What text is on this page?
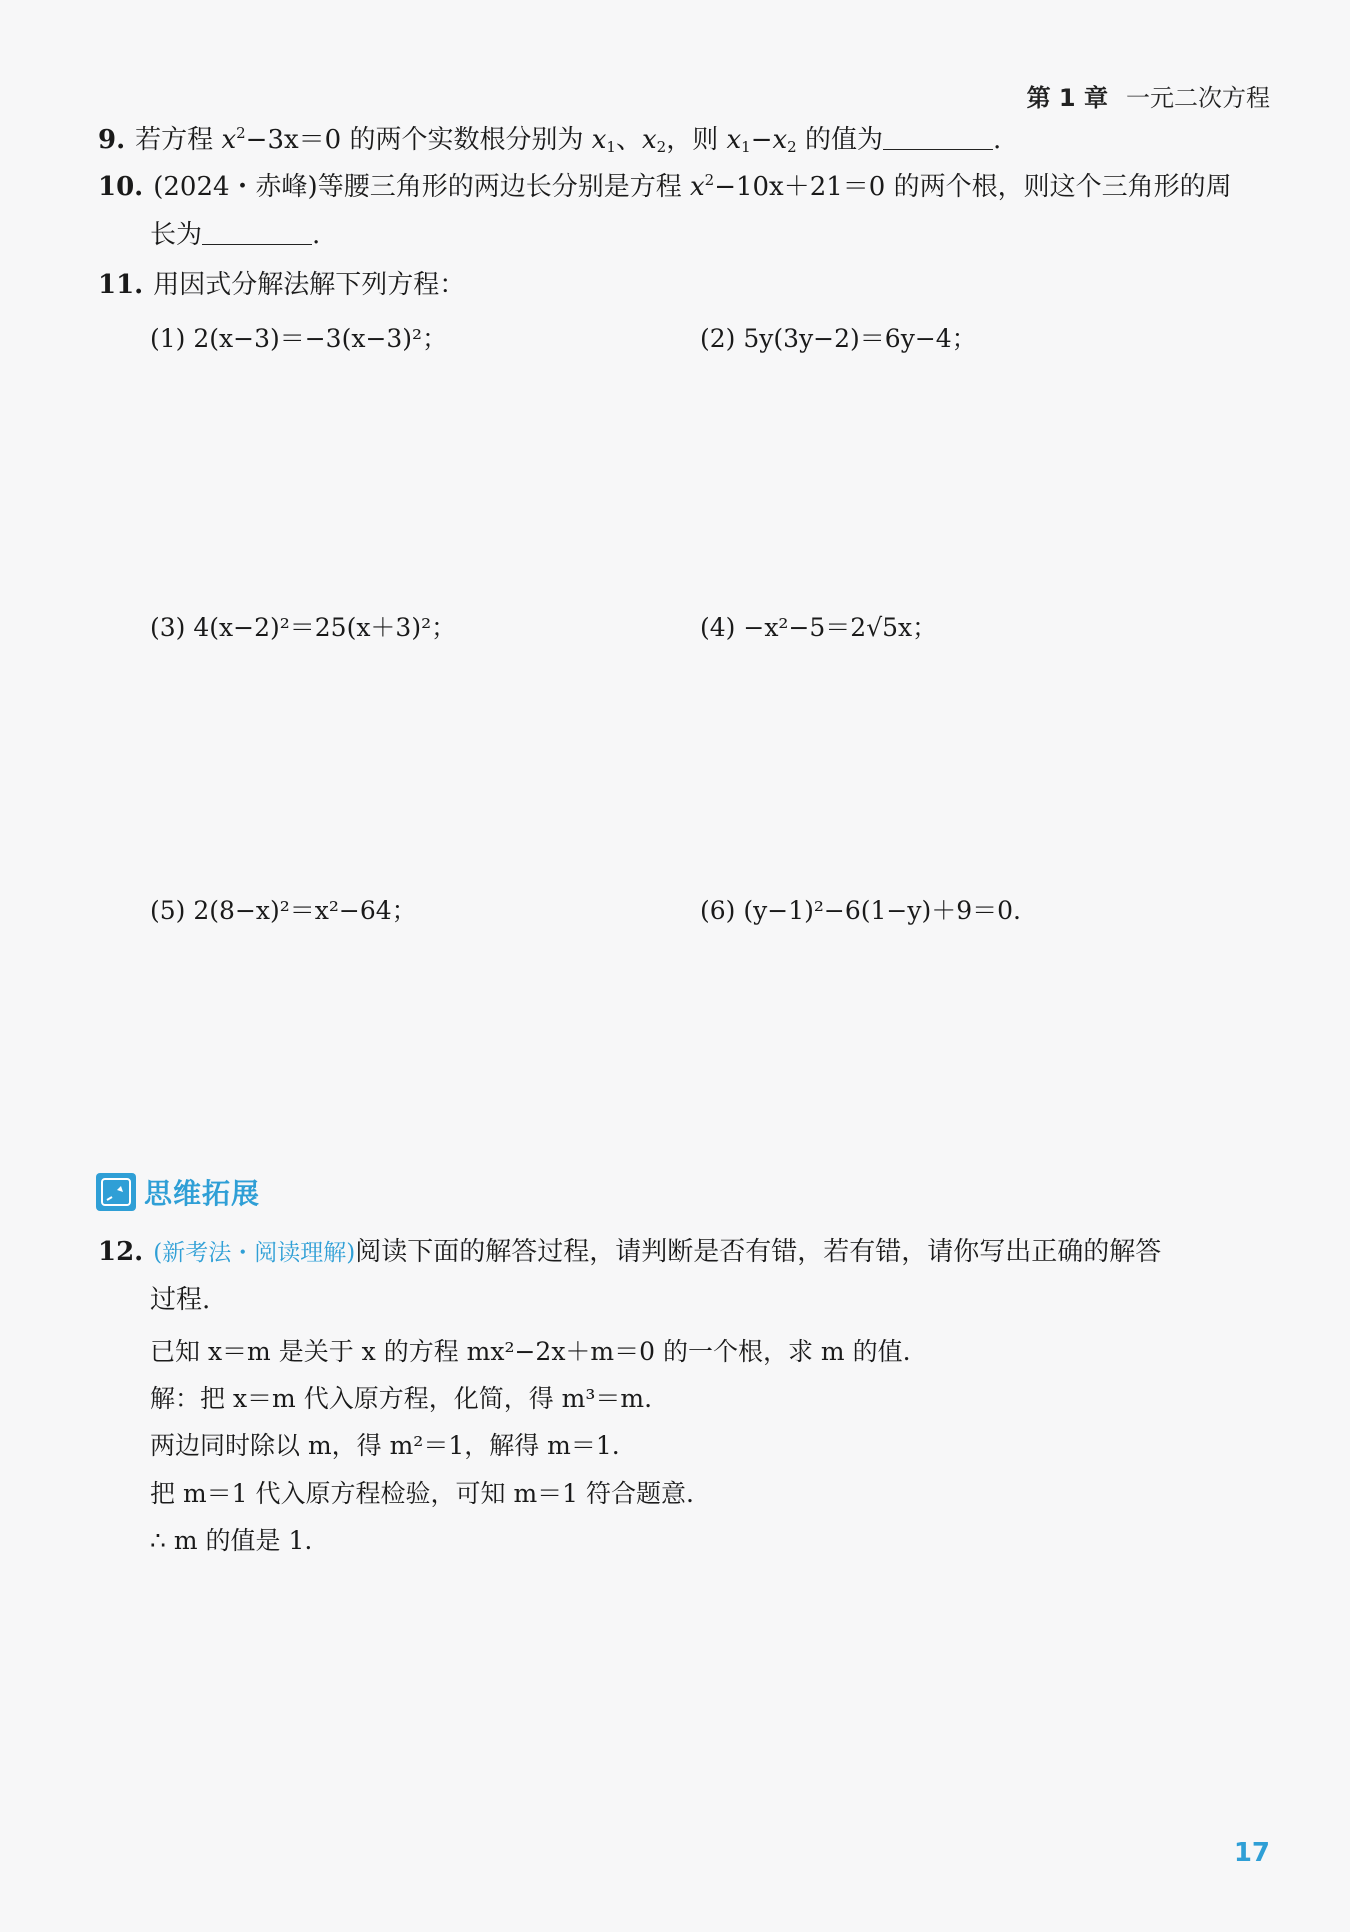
第 1 章 一元二次方程
9. 若方程 $x^2-3x=0$ 的两个实数根分别为 $x_1$、$x_2$，则 $x_1-x_2$ 的值为	.
10. (2024・赤峰)等腰三角形的两边长分别是方程 $x^2-10x+21=0$ 的两个根，则这个三角形的周
长为	.
11. 用因式分解法解下列方程：
(1) 2(x−3)＝−3(x−3)²；	(2) 5y(3y−2)＝6y−4；
(3) 4(x−2)²＝25(x＋3)²；	(4) −x²−5＝2√5x；
(5) 2(8−x)²＝x²−64；	(6) (y−1)²−6(1−y)＋9＝0.
思维拓展
12. (新考法・阅读理解)阅读下面的解答过程，请判断是否有错，若有错，请你写出正确的解答
过程.
已知 x＝m 是关于 x 的方程 mx²−2x＋m＝0 的一个根，求 m 的值.
解：把 x＝m 代入原方程，化简，得 m³＝m.
两边同时除以 m，得 m²＝1，解得 m＝1.
把 m＝1 代入原方程检验，可知 m＝1 符合题意.
∴ m 的值是 1.
17
